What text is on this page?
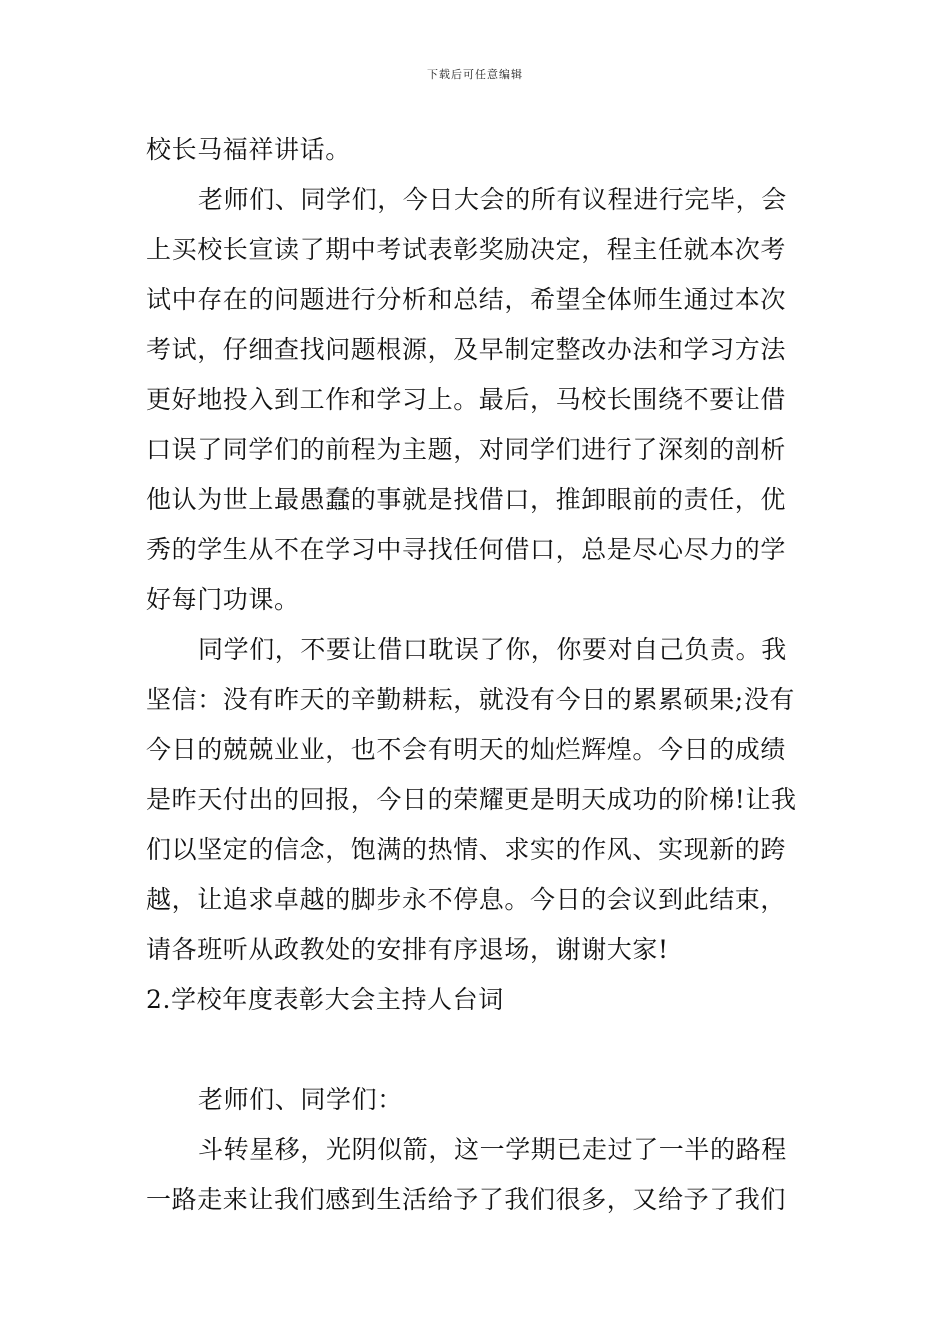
下载后可任意编辑
校长马福祥讲话。
老师们、同学们，今日大会的所有议程进行完毕，会
上买校长宣读了期中考试表彰奖励决定，程主任就本次考
试中存在的问题进行分析和总结，希望全体师生通过本次
考试，仔细查找问题根源，及早制定整改办法和学习方法
更好地投入到工作和学习上。最后，马校长围绕不要让借
口误了同学们的前程为主题，对同学们进行了深刻的剖析
他认为世上最愚蠢的事就是找借口，推卸眼前的责任，优
秀的学生从不在学习中寻找任何借口，总是尽心尽力的学
好每门功课。
同学们，不要让借口耽误了你，你要对自己负责。我
坚信：没有昨天的辛勤耕耘，就没有今日的累累硕果;没有
今日的兢兢业业，也不会有明天的灿烂辉煌。今日的成绩
是昨天付出的回报，今日的荣耀更是明天成功的阶梯!让我
们以坚定的信念，饱满的热情、求实的作风、实现新的跨
越，让追求卓越的脚步永不停息。今日的会议到此结束，
请各班听从政教处的安排有序退场，谢谢大家!
2.学校年度表彰大会主持人台词
老师们、同学们：
斗转星移，光阴似箭，这一学期已走过了一半的路程
一路走来让我们感到生活给予了我们很多，又给予了我们
